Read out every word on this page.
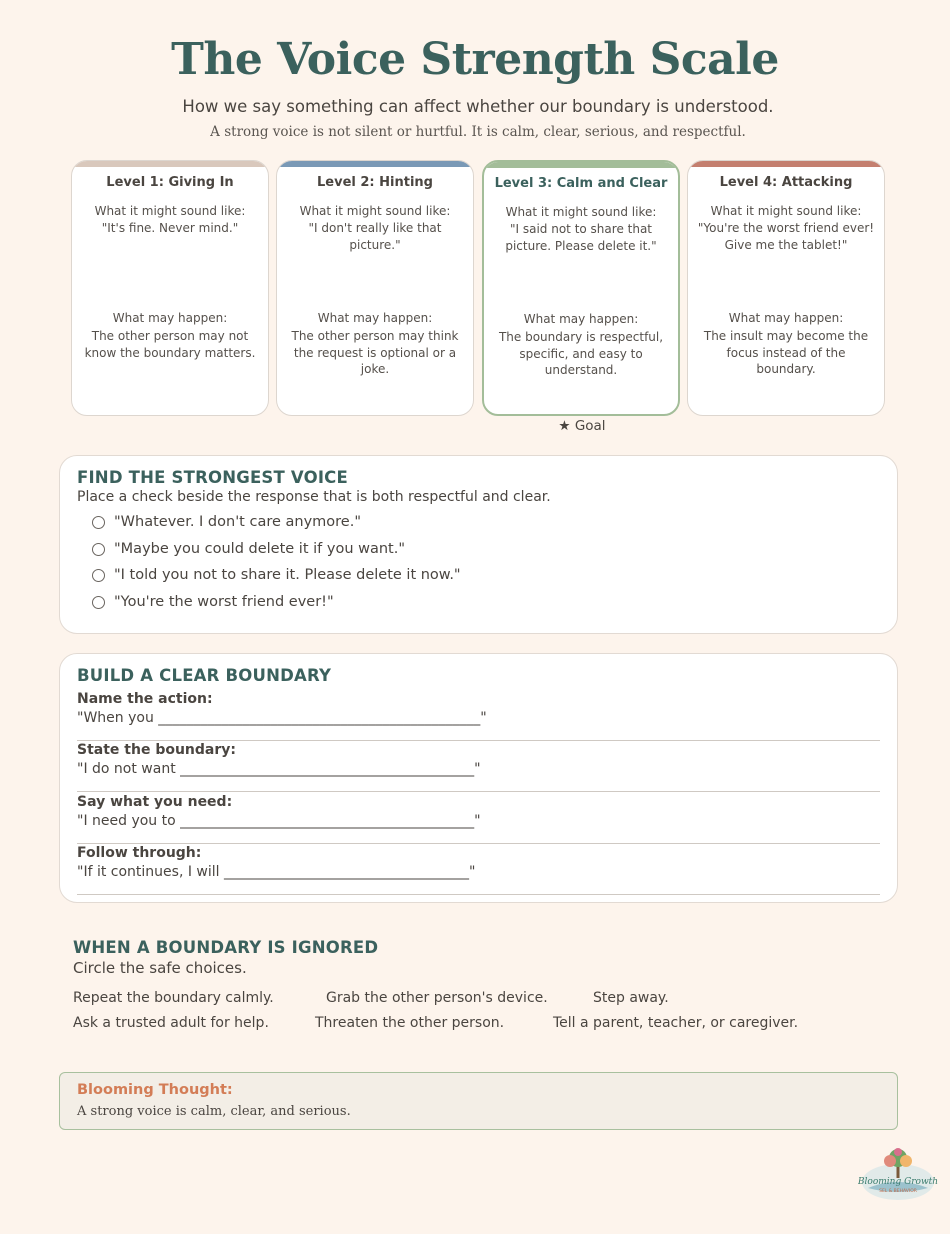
The Voice Strength Scale
How we say something can affect whether our boundary is understood.
A strong voice is not silent or hurtful. It is calm, clear, serious, and respectful.
Level 1: Giving In
What it might sound like:
"It's fine. Never mind."
What may happen:
The other person may not know the boundary matters.
Level 2: Hinting
What it might sound like:
"I don't really like that picture."
What may happen:
The other person may think the request is optional or a joke.
Level 3: Calm and Clear
What it might sound like:
"I said not to share that picture. Please delete it."
What may happen:
The boundary is respectful, specific, and easy to understand.
Level 4: Attacking
What it might sound like:
"You're the worst friend ever! Give me the tablet!"
What may happen:
The insult may become the focus instead of the boundary.
★ Goal
FIND THE STRONGEST VOICE
Place a check beside the response that is both respectful and clear.
"Whatever. I don't care anymore."
"Maybe you could delete it if you want."
"I told you not to share it. Please delete it now."
"You're the worst friend ever!"
BUILD A CLEAR BOUNDARY
Name the action:
"When you ______________________________________________"
State the boundary:
"I do not want __________________________________________"
Say what you need:
"I need you to __________________________________________"
Follow through:
"If it continues, I will ___________________________________"
WHEN A BOUNDARY IS IGNORED
Circle the safe choices.
Repeat the boundary calmly.	Grab the other person's device.	Step away.
Ask a trusted adult for help.	Threaten the other person.	Tell a parent, teacher, or caregiver.
Blooming Thought:
A strong voice is calm, clear, and serious.
Blooming Growth
SEL & BEHAVIOR
